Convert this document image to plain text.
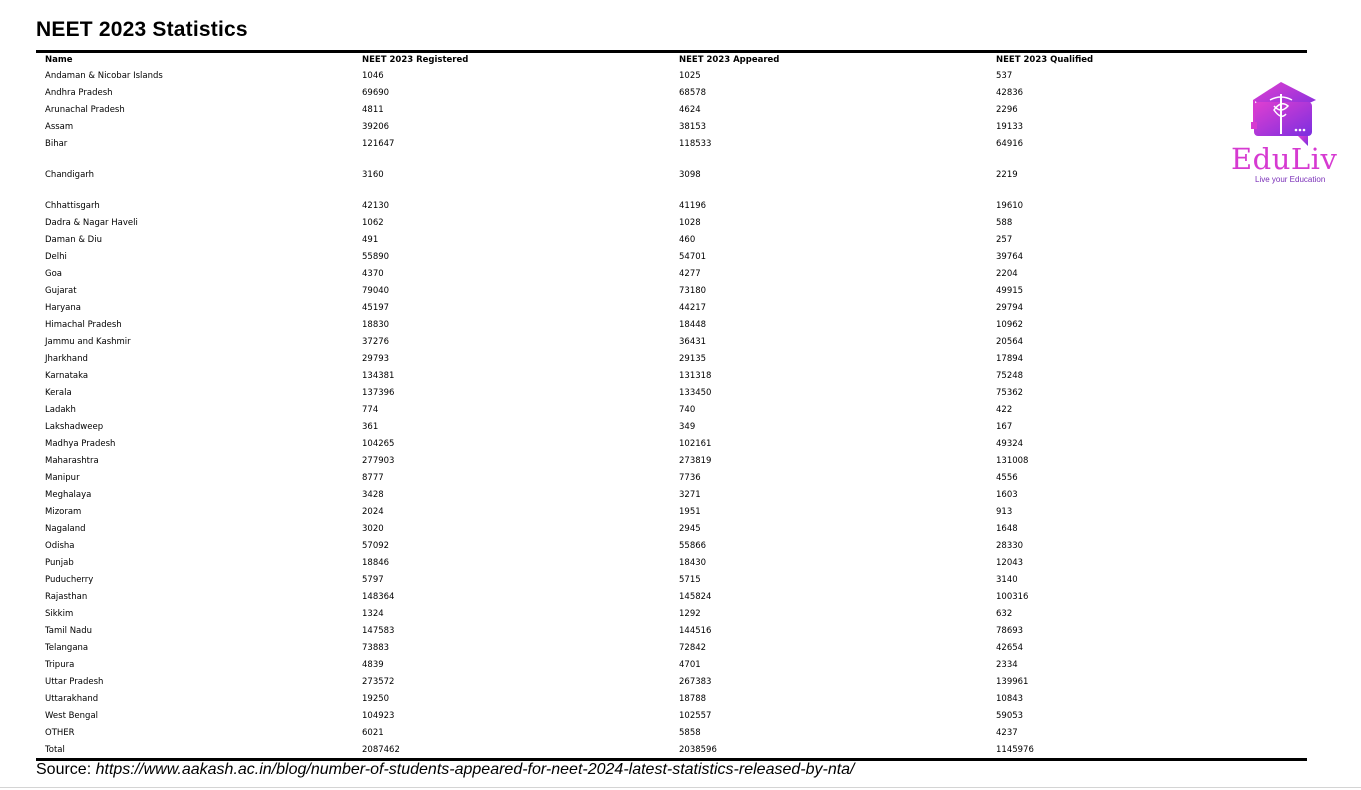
NEET 2023 Statistics
Name	NEET 2023 Registered	NEET 2023 Appeared	NEET 2023 Qualified
Andaman & Nicobar Islands	1046	1025	537
Andhra Pradesh	69690	68578	42836
Arunachal Pradesh	4811	4624	2296
Assam	39206	38153	19133
Bihar	121647	118533	64916
Chandigarh	3160	3098	2219
Chhattisgarh	42130	41196	19610
Dadra & Nagar Haveli	1062	1028	588
Daman & Diu	491	460	257
Delhi	55890	54701	39764
Goa	4370	4277	2204
Gujarat	79040	73180	49915
Haryana	45197	44217	29794
Himachal Pradesh	18830	18448	10962
Jammu and Kashmir	37276	36431	20564
Jharkhand	29793	29135	17894
Karnataka	134381	131318	75248
Kerala	137396	133450	75362
Ladakh	774	740	422
Lakshadweep	361	349	167
Madhya Pradesh	104265	102161	49324
Maharashtra	277903	273819	131008
Manipur	8777	7736	4556
Meghalaya	3428	3271	1603
Mizoram	2024	1951	913
Nagaland	3020	2945	1648
Odisha	57092	55866	28330
Punjab	18846	18430	12043
Puducherry	5797	5715	3140
Rajasthan	148364	145824	100316
Sikkim	1324	1292	632
Tamil Nadu	147583	144516	78693
Telangana	73883	72842	42654
Tripura	4839	4701	2334
Uttar Pradesh	273572	267383	139961
Uttarakhand	19250	18788	10843
West Bengal	104923	102557	59053
OTHER	6021	5858	4237
Total	2087462	2038596	1145976
EduLiv
Live your Education
Source: https://www.aakash.ac.in/blog/number-of-students-appeared-for-neet-2024-latest-statistics-released-by-nta/
